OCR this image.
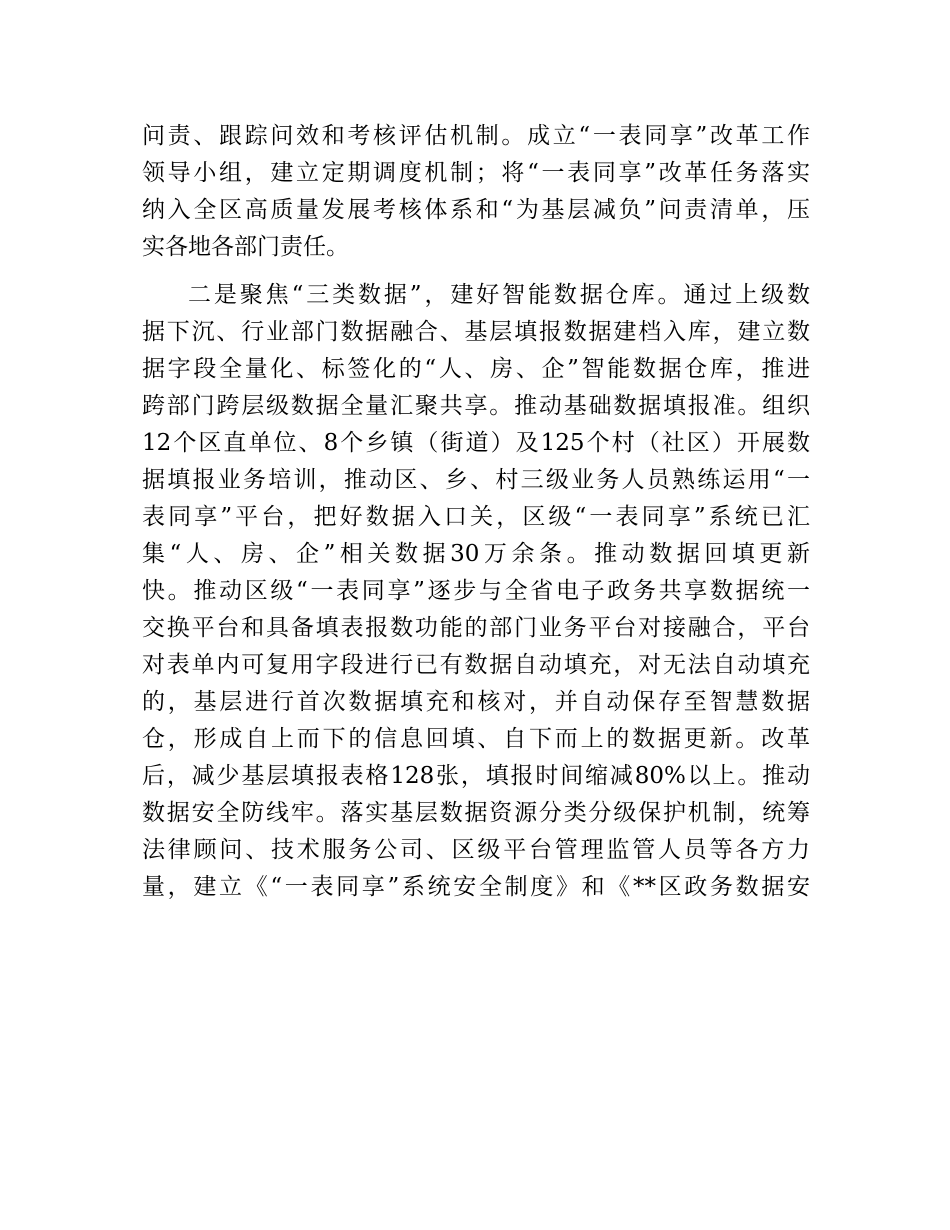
问责、跟踪问效和考核评估机制。成立“一表同享”改革工作
领导小组，建立定期调度机制；将“一表同享”改革任务落实
纳入全区高质量发展考核体系和“为基层减负”问责清单，压
实各地各部门责任。
二是聚焦“三类数据”，建好智能数据仓库。通过上级数
据下沉、行业部门数据融合、基层填报数据建档入库，建立数
据字段全量化、标签化的“人、房、企”智能数据仓库，推进
跨部门跨层级数据全量汇聚共享。推动基础数据填报准。组织
12个区直单位、8个乡镇（街道）及125个村（社区）开展数
据填报业务培训，推动区、乡、村三级业务人员熟练运用“一
表同享”平台，把好数据入口关，区级“一表同享”系统已汇
集“人、房、企”相关数据30万余条。推动数据回填更新
快。推动区级“一表同享”逐步与全省电子政务共享数据统一
交换平台和具备填表报数功能的部门业务平台对接融合，平台
对表单内可复用字段进行已有数据自动填充，对无法自动填充
的，基层进行首次数据填充和核对，并自动保存至智慧数据
仓，形成自上而下的信息回填、自下而上的数据更新。改革
后，减少基层填报表格128张，填报时间缩减80%以上。推动
数据安全防线牢。落实基层数据资源分类分级保护机制，统筹
法律顾问、技术服务公司、区级平台管理监管人员等各方力
量，建立《“一表同享”系统安全制度》和《**区政务数据安
